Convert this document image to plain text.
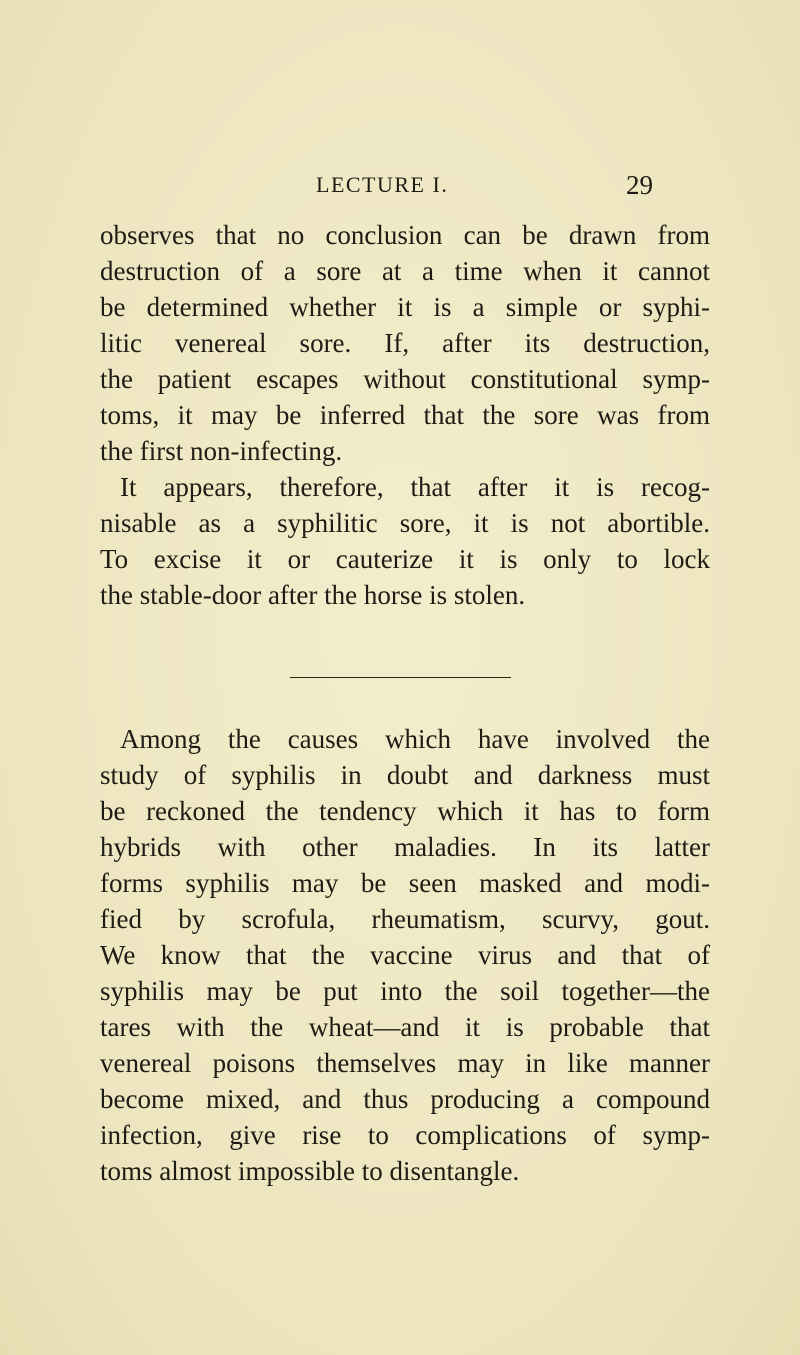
LECTURE I.	29
observes that no conclusion can be drawn from
destruction of a sore at a time when it cannot
be determined whether it is a simple or syphi-
litic venereal sore. If, after its destruction,
the patient escapes without constitutional symp-
toms, it may be inferred that the sore was from
the first non-infecting.
It appears, therefore, that after it is recog-
nisable as a syphilitic sore, it is not abortible.
To excise it or cauterize it is only to lock
the stable-door after the horse is stolen.
Among the causes which have involved the
study of syphilis in doubt and darkness must
be reckoned the tendency which it has to form
hybrids with other maladies. In its latter
forms syphilis may be seen masked and modi-
fied by scrofula, rheumatism, scurvy, gout.
We know that the vaccine virus and that of
syphilis may be put into the soil together—the
tares with the wheat—and it is probable that
venereal poisons themselves may in like manner
become mixed, and thus producing a compound
infection, give rise to complications of symp-
toms almost impossible to disentangle.
